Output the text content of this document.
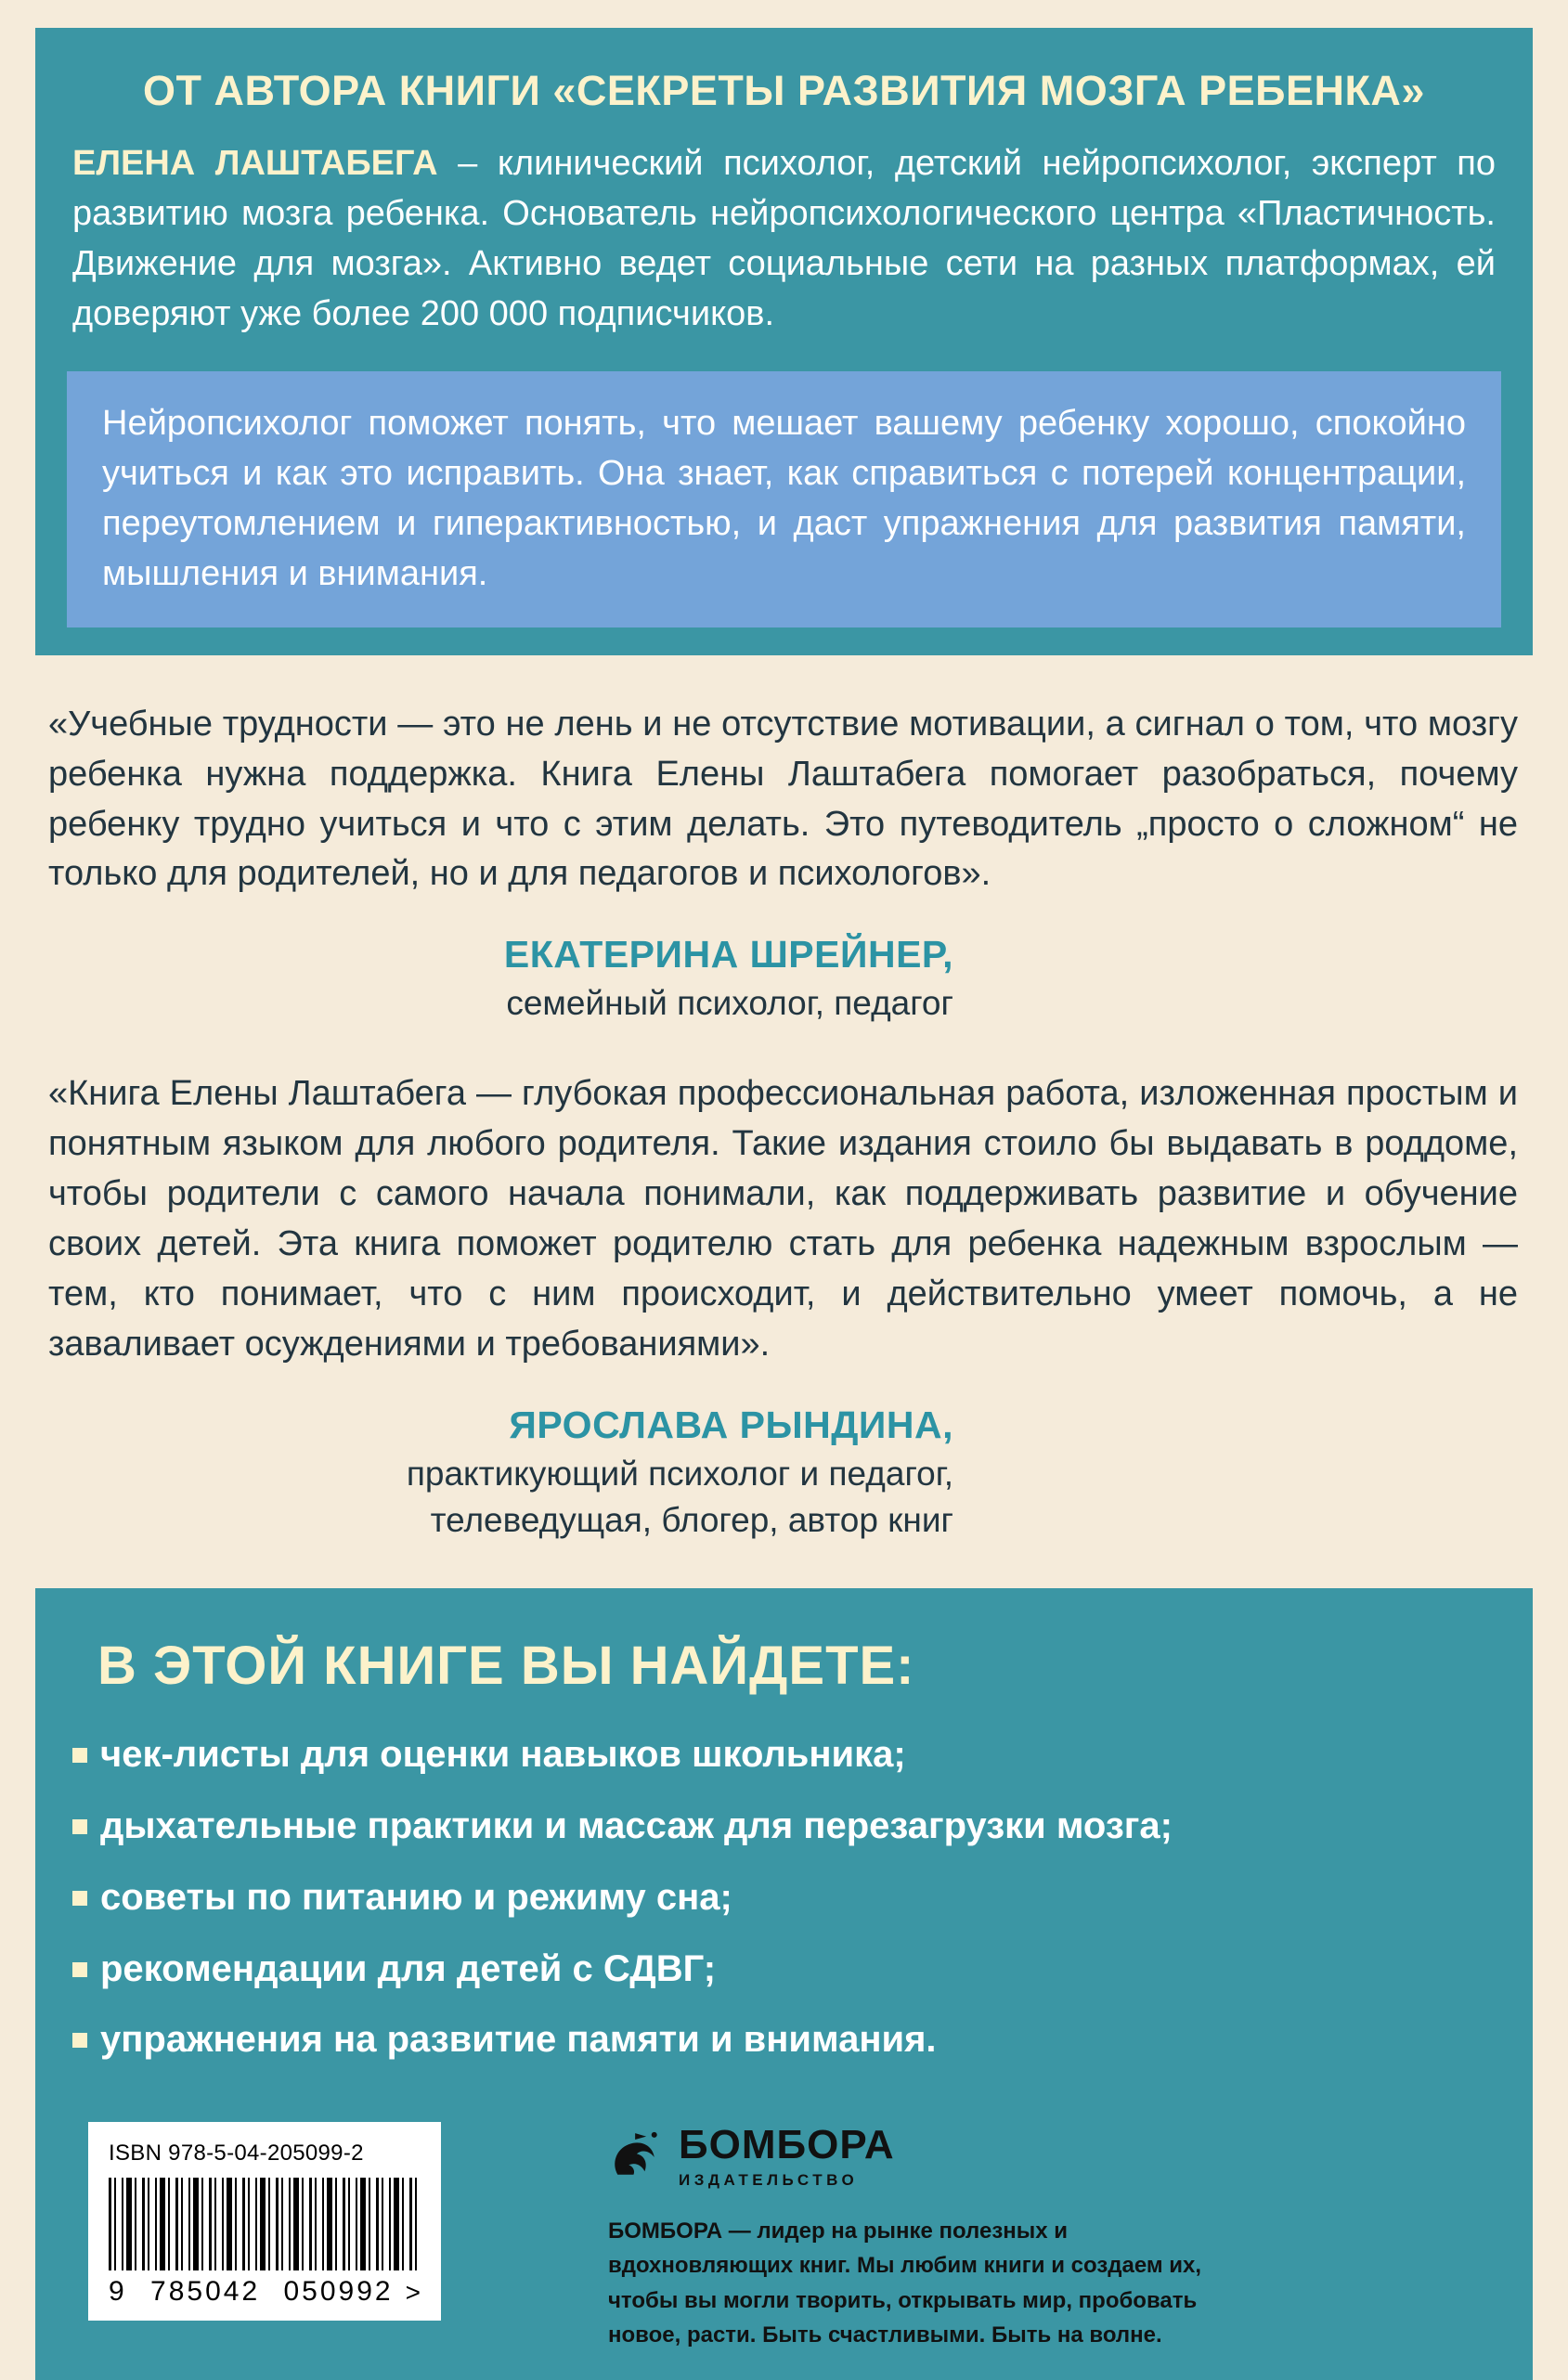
ОТ АВТОРА КНИГИ «СЕКРЕТЫ РАЗВИТИЯ МОЗГА РЕБЕНКА»

ЕЛЕНА ЛАШТАБЕГА – клинический психолог, детский нейропсихолог, эксперт по развитию мозга ребенка. Основатель нейропсихологического центра «Пластичность. Движение для мозга». Активно ведет социальные сети на разных платформах, ей доверяют уже более 200 000 подписчиков.

Нейропсихолог поможет понять, что мешает вашему ребенку хорошо, спокойно учиться и как это исправить. Она знает, как справиться с потерей концентрации, переутомлением и гиперактивностью, и даст упражнения для развития памяти, мышления и внимания.

«Учебные трудности — это не лень и не отсутствие мотивации, а сигнал о том, что мозгу ребенка нужна поддержка. Книга Елены Лаштабега помогает разобраться, почему ребенку трудно учиться и что с этим делать. Это путеводитель „просто о сложном“ не только для родителей, но и для педагогов и психологов».

ЕКАТЕРИНА ШРЕЙНЕР,
семейный психолог, педагог

«Книга Елены Лаштабега — глубокая профессиональная работа, изложенная простым и понятным языком для любого родителя. Такие издания стоило бы выдавать в роддоме, чтобы родители с самого начала понимали, как поддерживать развитие и обучение своих детей. Эта книга поможет родителю стать для ребенка надежным взрослым — тем, кто понимает, что с ним происходит, и действительно умеет помочь, а не заваливает осуждениями и требованиями».

ЯРОСЛАВА РЫНДИНА,
практикующий психолог и педагог,
телеведущая, блогер, автор книг
В ЭТОЙ КНИГЕ ВЫ НАЙДЕТЕ:
чек-листы для оценки навыков школьника;
дыхательные практики и массаж для перезагрузки мозга;
советы по питанию и режиму сна;
рекомендации для детей с СДВГ;
упражнения на развитие памяти и внимания.
ISBN 978-5-04-205099-2
9 785042 050992 >
БОМБОРА
ИЗДАТЕЛЬСТВО

БОМБОРА — лидер на рынке полезных и вдохновляющих книг. Мы любим книги и создаем их, чтобы вы могли творить, открывать мир, пробовать новое, расти. Быть счастливыми. Быть на волне.
